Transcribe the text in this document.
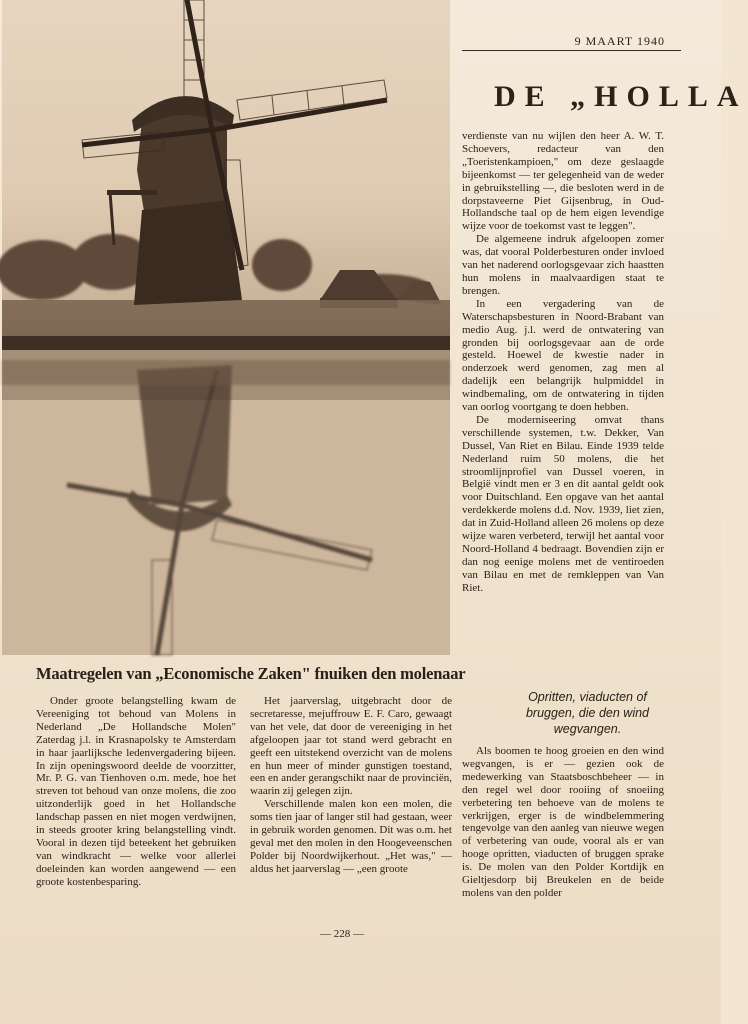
9 MAART 1940
DE „HOLLA

verdienste van nu wijlen den heer A. W. T. Schoevers, redacteur van den „Toeristenkampioen," om deze geslaagde bijeenkomst — ter gelegenheid van de weder in gebruikstelling —, die besloten werd in de dorpstaveerne Piet Gijsenbrug, in Oud-Hollandsche taal op de hem eigen levendige wijze voor de toekomst vast te leggen".

De algemeene indruk afgeloopen zomer was, dat vooral Polderbesturen onder invloed van het naderend oorlogsgevaar zich haastten hun molens in maalvaardigen staat te brengen.

In een vergadering van de Waterschapsbesturen in Noord-Brabant van medio Aug. j.l. werd de ontwatering van gronden bij oorlogsgevaar aan de orde gesteld. Hoewel de kwestie nader in onderzoek werd genomen, zag men al dadelijk een belangrijk hulpmiddel in windbemaling, om de ontwatering in tijden van oorlog voortgang te doen hebben.

De moderniseering omvat thans verschillende systemen, t.w. Dekker, Van Dussel, Van Riet en Bilau. Einde 1939 telde Nederland ruim 50 molens, die het stroomlijnprofiel van Dussel voeren, in België vindt men er 3 en dit aantal geldt ook voor Duitschland. Een opgave van het aantal verdekkerde molens d.d. Nov. 1939, liet zien, dat in Zuid-Holland alleen 26 molens op deze wijze waren verbeterd, terwijl het aantal voor Noord-Holland 4 bedraagt. Bovendien zijn er dan nog eenige molens met de ventiroeden van Bilau en met de remkleppen van Van Riet.

Maatregelen van „Economische Zaken" fnuiken den molenaar

Onder groote belangstelling kwam de Vereeniging tot behoud van Molens in Nederland „De Hollandsche Molen" Zaterdag j.l. in Krasnapolsky te Amsterdam in haar jaarlijksche ledenvergadering bijeen. In zijn openingswoord deelde de voorzitter, Mr. P. G. van Tienhoven o.m. mede, hoe het streven tot behoud van onze molens, die zoo uitzonderlijk goed in het Hollandsche landschap passen en niet mogen verdwijnen, in steeds grooter kring belangstelling vindt. Vooral in dezen tijd beteekent het gebruiken van windkracht — welke voor allerlei doeleinden kan worden aangewend — een groote kostenbesparing.

Het jaarverslag, uitgebracht door de secretaresse, mejuffrouw E. F. Caro, gewaagt van het vele, dat door de vereeniging in het afgeloopen jaar tot stand werd gebracht en geeft een uitstekend overzicht van de molens en hun meer of minder gunstigen toestand, een en ander gerangschikt naar de provinciën, waarin zij gelegen zijn.

Verschillende malen kon een molen, die soms tien jaar of langer stil had gestaan, weer in gebruik worden genomen. Dit was o.m. het geval met den molen in den Hoogeveenschen Polder bij Noordwijkerhout. „Het was," — aldus het jaarverslag — „een groote

Opritten, viaducten of bruggen, die den wind wegvangen.

Als boomen te hoog groeien en den wind wegvangen, is er — gezien ook de medewerking van Staatsboschbeheer — in den regel wel door rooiing of snoeiing verbetering ten behoeve van de molens te verkrijgen, erger is de windbelemmering tengevolge van den aanleg van nieuwe wegen of verbetering van oude, vooral als er van hooge opritten, viaducten of bruggen sprake is. De molen van den Polder Kortdijk en Gieltjesdorp bij Breukelen en de beide molens van den polder

— 228 —
